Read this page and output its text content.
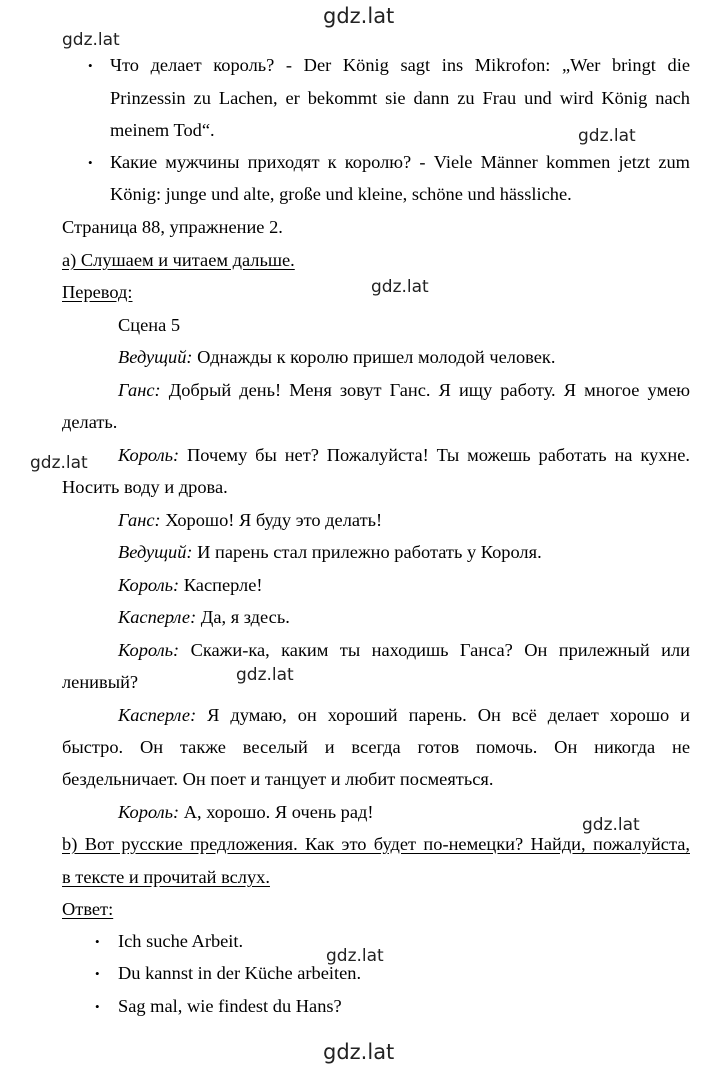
gdz.lat
gdz.lat
gdz.lat
gdz.lat
gdz.lat
gdz.lat
gdz.lat
gdz.lat
gdz.lat
• Что делает король? - Der König sagt ins Mikrofon: „Wer bringt die
Prinzessin zu Lachen, er bekommt sie dann zu Frau und wird König nach
meinem Tod“.
• Какие мужчины приходят к королю? - Viele Männer kommen jetzt zum
König: junge und alte, große und kleine, schöne und hässliche.
Страница 88, упражнение 2.
а) Слушаем и читаем дальше.
Перевод:
Сцена 5
Ведущий: Однажды к королю пришел молодой человек.
Ганс: Добрый день! Меня зовут Ганс. Я ищу работу. Я многое умею
делать.
Король: Почему бы нет? Пожалуйста! Ты можешь работать на кухне.
Носить воду и дрова.
Ганс: Хорошо! Я буду это делать!
Ведущий: И парень стал прилежно работать у Короля.
Король: Касперле!
Касперле: Да, я здесь.
Король: Скажи-ка, каким ты находишь Ганса? Он прилежный или
ленивый?
Касперле: Я думаю, он хороший парень. Он всё делает хорошо и
быстро. Он также веселый и всегда готов помочь. Он никогда не
бездельничает. Он поет и танцует и любит посмеяться.
Король: А, хорошо. Я очень рад!
b) Вот русские предложения. Как это будет по-немецки? Найди, пожалуйста,
в тексте и прочитай вслух.
Ответ:
• Ich suche Arbeit.
• Du kannst in der Küche arbeiten.
• Sag mal, wie findest du Hans?
